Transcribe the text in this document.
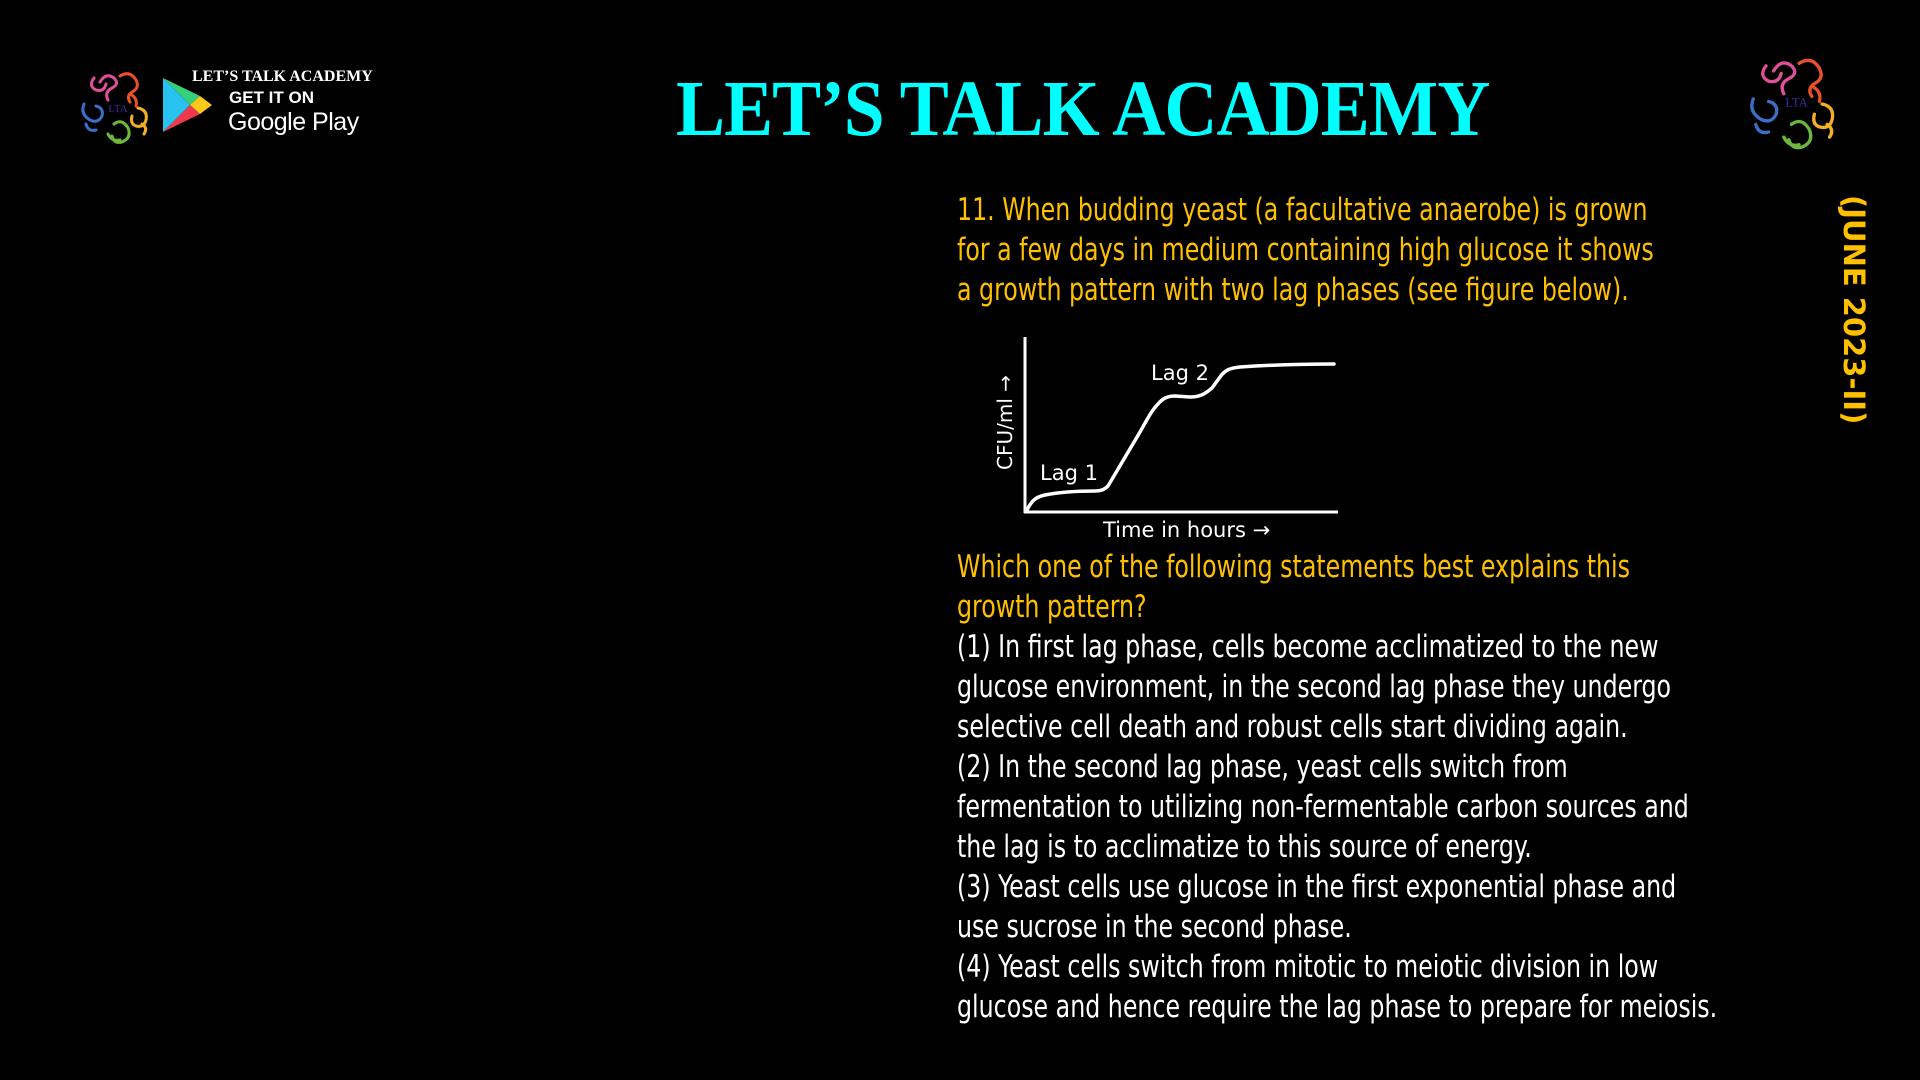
LTA
LET’S TALK ACADEMY
GET IT ON
Google Play	LET’S TALK ACADEMY	LTA
(JUNE 2023-II)
11. When budding yeast (a facultative anaerobe) is grown
for a few days in medium containing high glucose it shows
a growth pattern with two lag phases (see figure below).
Lag 1
Lag 2
CFU/ml →
Time in hours →
Which one of the following statements best explains this
growth pattern?
(1) In first lag phase, cells become acclimatized to the new
glucose environment, in the second lag phase they undergo
selective cell death and robust cells start dividing again.
(2) In the second lag phase, yeast cells switch from
fermentation to utilizing non-fermentable carbon sources and
the lag is to acclimatize to this source of energy.
(3) Yeast cells use glucose in the first exponential phase and
use sucrose in the second phase.
(4) Yeast cells switch from mitotic to meiotic division in low
glucose and hence require the lag phase to prepare for meiosis.
